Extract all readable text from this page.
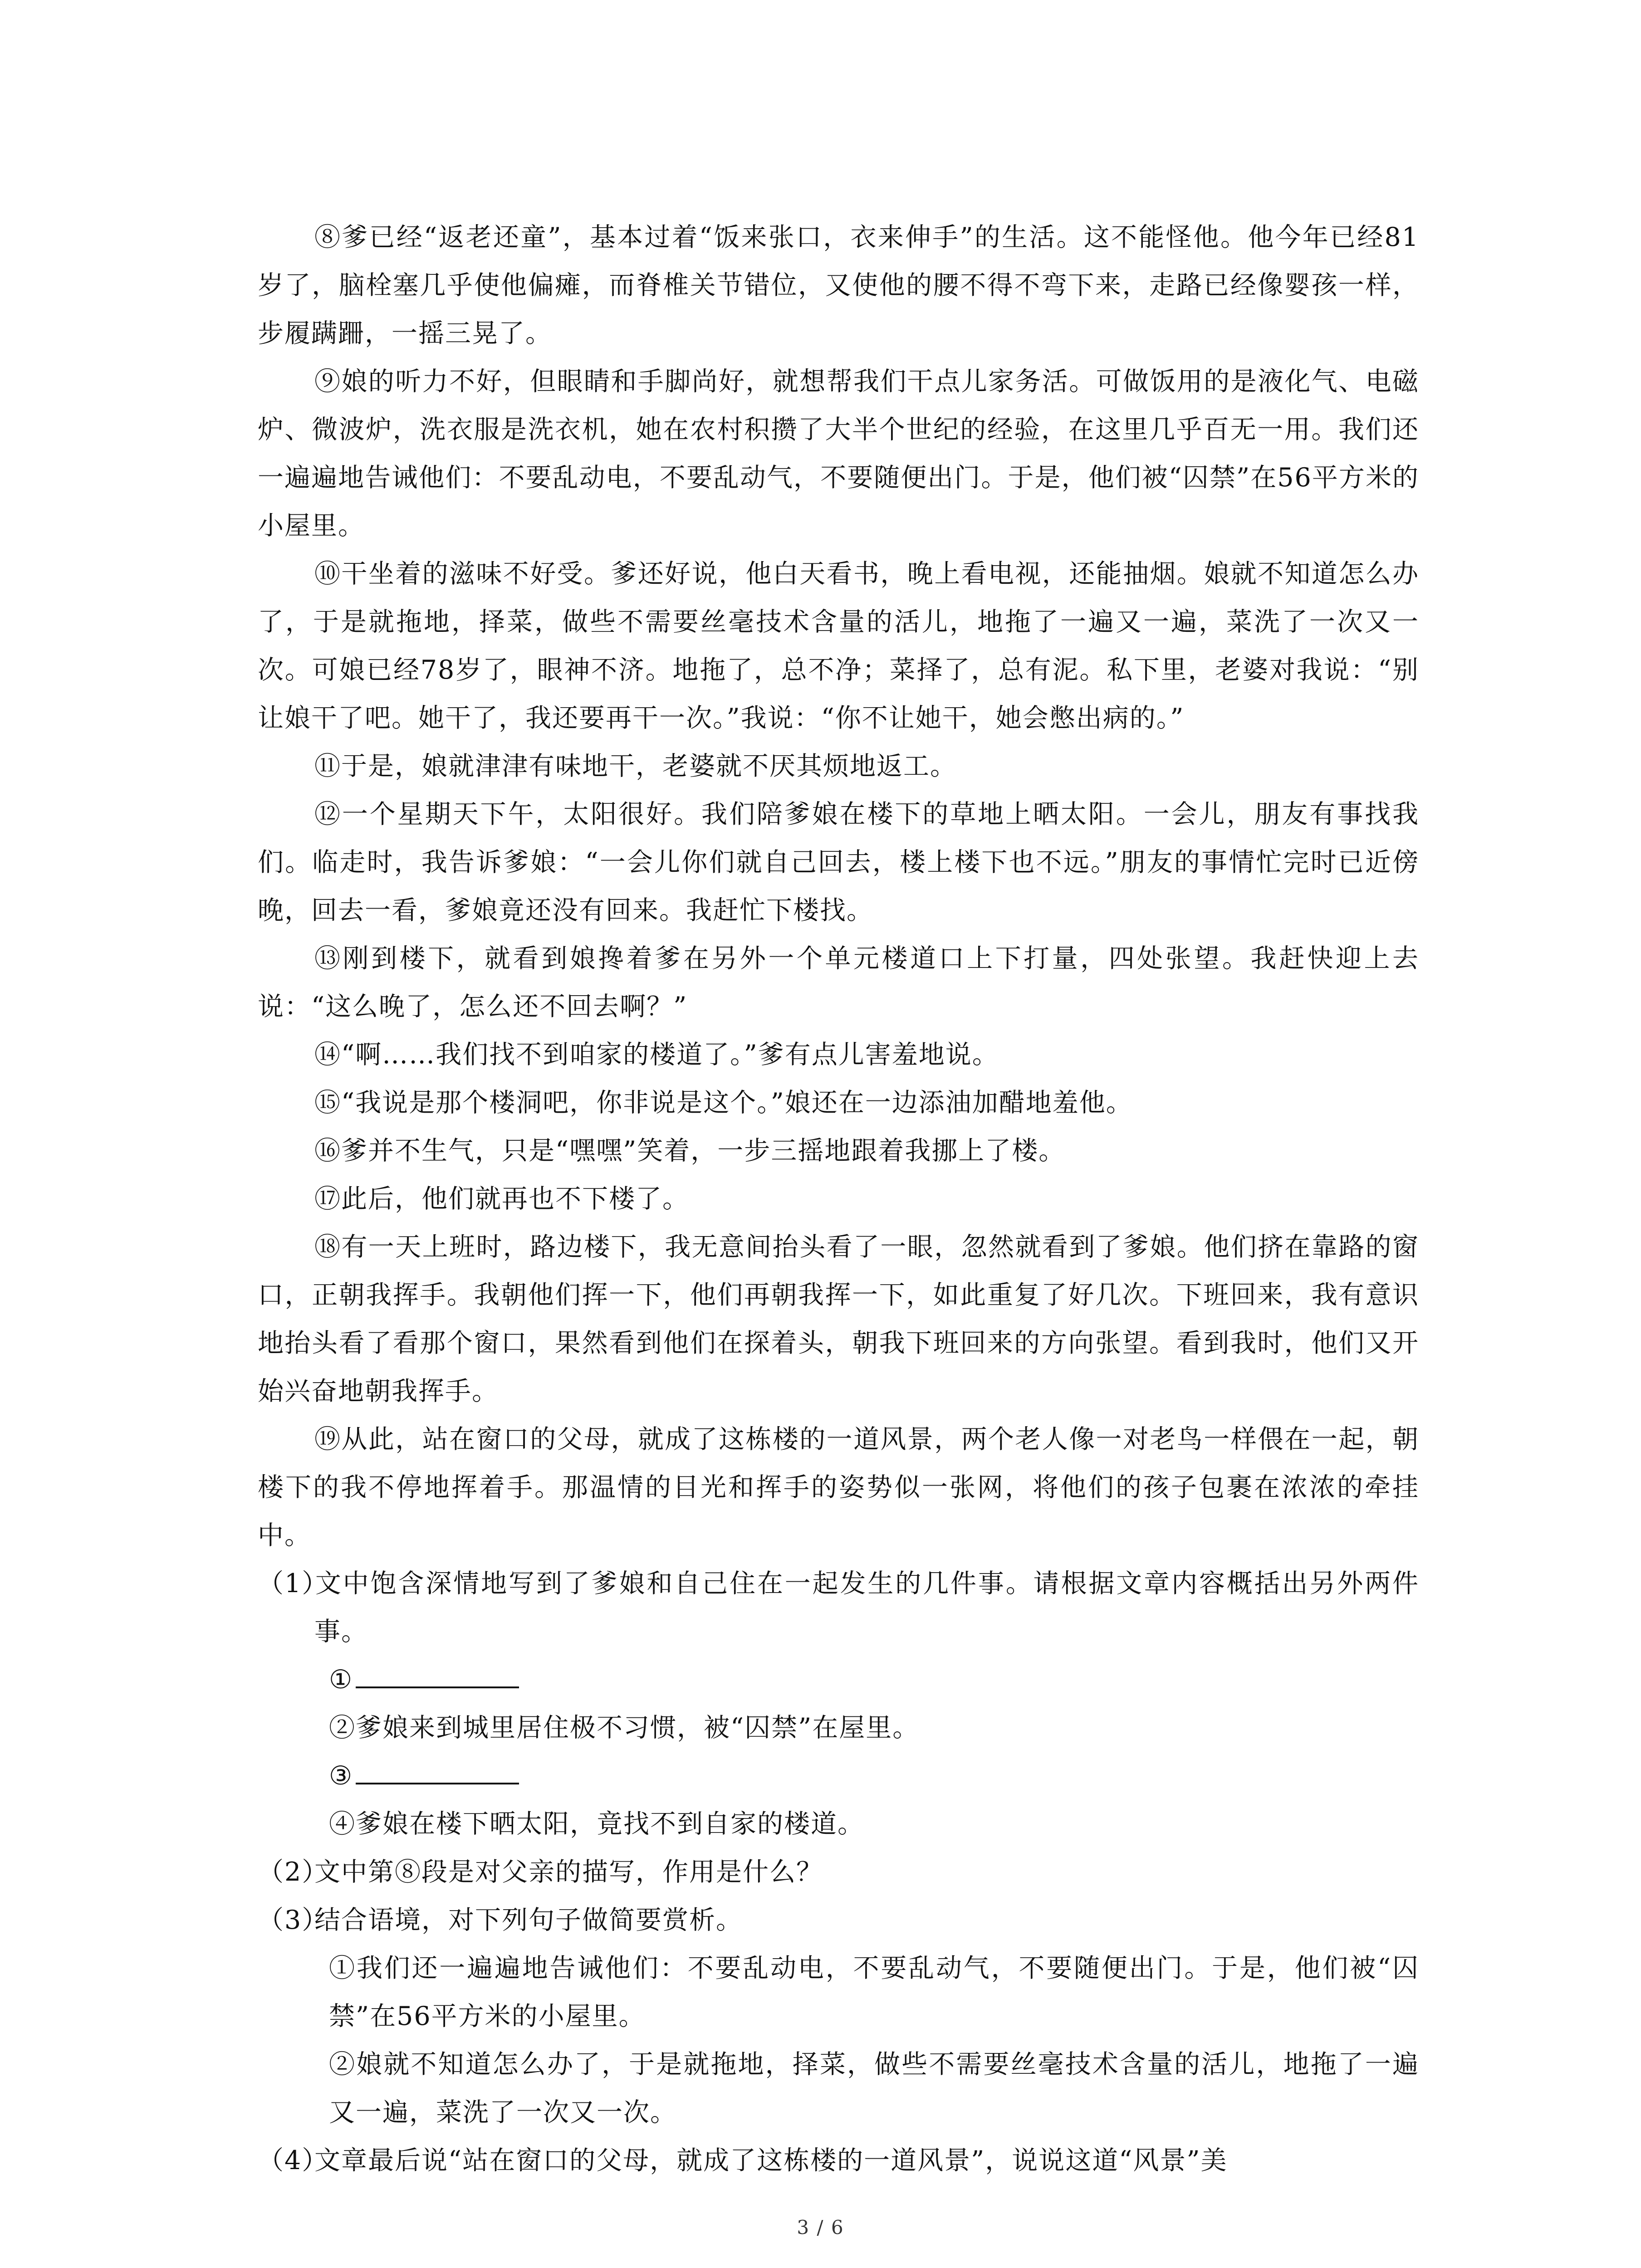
⑧爹已经“返老还童”，基本过着“饭来张口，衣来伸手”的生活。这不能怪他。他今年已经81岁了，脑栓塞几乎使他偏瘫，而脊椎关节错位，又使他的腰不得不弯下来，走路已经像婴孩一样，步履蹒跚，一摇三晃了。

⑨娘的听力不好，但眼睛和手脚尚好，就想帮我们干点儿家务活。可做饭用的是液化气、电磁炉、微波炉，洗衣服是洗衣机，她在农村积攒了大半个世纪的经验，在这里几乎百无一用。我们还一遍遍地告诫他们：不要乱动电，不要乱动气，不要随便出门。于是，他们被“囚禁”在56平方米的小屋里。

⑩干坐着的滋味不好受。爹还好说，他白天看书，晚上看电视，还能抽烟。娘就不知道怎么办了，于是就拖地，择菜，做些不需要丝毫技术含量的活儿，地拖了一遍又一遍，菜洗了一次又一次。可娘已经78岁了，眼神不济。地拖了，总不净；菜择了，总有泥。私下里，老婆对我说：“别让娘干了吧。她干了，我还要再干一次。”我说：“你不让她干，她会憋出病的。”

⑪于是，娘就津津有味地干，老婆就不厌其烦地返工。

⑫一个星期天下午，太阳很好。我们陪爹娘在楼下的草地上晒太阳。一会儿，朋友有事找我们。临走时，我告诉爹娘：“一会儿你们就自己回去，楼上楼下也不远。”朋友的事情忙完时已近傍晚，回去一看，爹娘竟还没有回来。我赶忙下楼找。

⑬刚到楼下，就看到娘搀着爹在另外一个单元楼道口上下打量，四处张望。我赶快迎上去说：“这么晚了，怎么还不回去啊？”

⑭“啊……我们找不到咱家的楼道了。”爹有点儿害羞地说。

⑮“我说是那个楼洞吧，你非说是这个。”娘还在一边添油加醋地羞他。

⑯爹并不生气，只是“嘿嘿”笑着，一步三摇地跟着我挪上了楼。

⑰此后，他们就再也不下楼了。

⑱有一天上班时，路边楼下，我无意间抬头看了一眼，忽然就看到了爹娘。他们挤在靠路的窗口，正朝我挥手。我朝他们挥一下，他们再朝我挥一下，如此重复了好几次。下班回来，我有意识地抬头看了看那个窗口，果然看到他们在探着头，朝我下班回来的方向张望。看到我时，他们又开始兴奋地朝我挥手。

⑲从此，站在窗口的父母，就成了这栋楼的一道风景，两个老人像一对老鸟一样偎在一起，朝楼下的我不停地挥着手。那温情的目光和挥手的姿势似一张网，将他们的孩子包裹在浓浓的牵挂中。

（1）文中饱含深情地写到了爹娘和自己住在一起发生的几件事。请根据文章内容概括出另外两件事。

①

②爹娘来到城里居住极不习惯，被“囚禁”在屋里。

③

④爹娘在楼下晒太阳，竟找不到自家的楼道。

（2）文中第⑧段是对父亲的描写，作用是什么？

（3）结合语境，对下列句子做简要赏析。

①我们还一遍遍地告诫他们：不要乱动电，不要乱动气，不要随便出门。于是，他们被“囚禁”在56平方米的小屋里。

②娘就不知道怎么办了，于是就拖地，择菜，做些不需要丝毫技术含量的活儿，地拖了一遍又一遍，菜洗了一次又一次。

（4）文章最后说“站在窗口的父母，就成了这栋楼的一道风景”，说说这道“风景”美

3 / 6
